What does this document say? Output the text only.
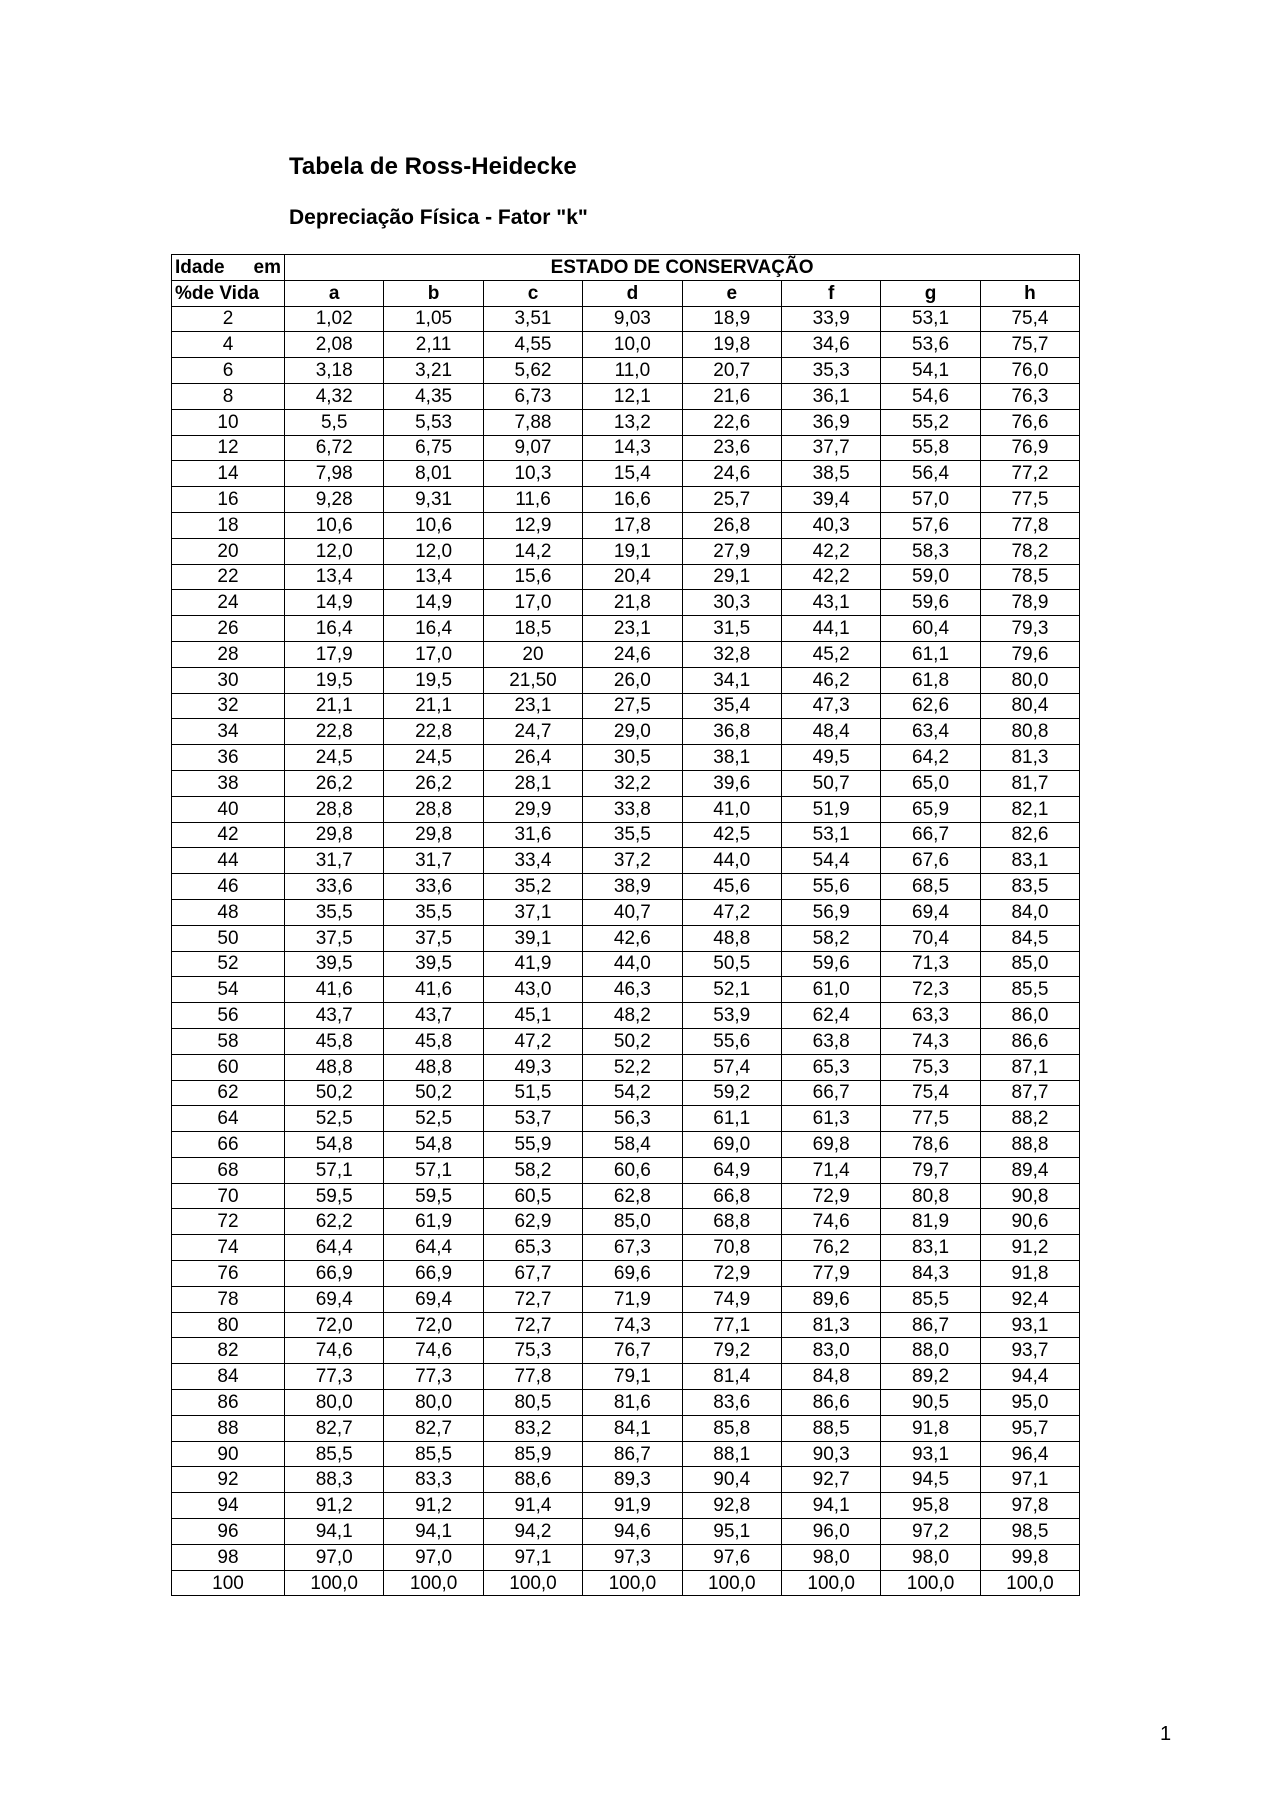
Tabela de Ross-Heidecke
Depreciação Física - Fator "k"
Idade em	ESTADO DE CONSERVAÇÃO							
%de Vida	a	b	c	d	e	f	g	h
2	1,02	1,05	3,51	9,03	18,9	33,9	53,1	75,4
4	2,08	2,11	4,55	10,0	19,8	34,6	53,6	75,7
6	3,18	3,21	5,62	11,0	20,7	35,3	54,1	76,0
8	4,32	4,35	6,73	12,1	21,6	36,1	54,6	76,3
10	5,5	5,53	7,88	13,2	22,6	36,9	55,2	76,6
12	6,72	6,75	9,07	14,3	23,6	37,7	55,8	76,9
14	7,98	8,01	10,3	15,4	24,6	38,5	56,4	77,2
16	9,28	9,31	11,6	16,6	25,7	39,4	57,0	77,5
18	10,6	10,6	12,9	17,8	26,8	40,3	57,6	77,8
20	12,0	12,0	14,2	19,1	27,9	42,2	58,3	78,2
22	13,4	13,4	15,6	20,4	29,1	42,2	59,0	78,5
24	14,9	14,9	17,0	21,8	30,3	43,1	59,6	78,9
26	16,4	16,4	18,5	23,1	31,5	44,1	60,4	79,3
28	17,9	17,0	20	24,6	32,8	45,2	61,1	79,6
30	19,5	19,5	21,50	26,0	34,1	46,2	61,8	80,0
32	21,1	21,1	23,1	27,5	35,4	47,3	62,6	80,4
34	22,8	22,8	24,7	29,0	36,8	48,4	63,4	80,8
36	24,5	24,5	26,4	30,5	38,1	49,5	64,2	81,3
38	26,2	26,2	28,1	32,2	39,6	50,7	65,0	81,7
40	28,8	28,8	29,9	33,8	41,0	51,9	65,9	82,1
42	29,8	29,8	31,6	35,5	42,5	53,1	66,7	82,6
44	31,7	31,7	33,4	37,2	44,0	54,4	67,6	83,1
46	33,6	33,6	35,2	38,9	45,6	55,6	68,5	83,5
48	35,5	35,5	37,1	40,7	47,2	56,9	69,4	84,0
50	37,5	37,5	39,1	42,6	48,8	58,2	70,4	84,5
52	39,5	39,5	41,9	44,0	50,5	59,6	71,3	85,0
54	41,6	41,6	43,0	46,3	52,1	61,0	72,3	85,5
56	43,7	43,7	45,1	48,2	53,9	62,4	63,3	86,0
58	45,8	45,8	47,2	50,2	55,6	63,8	74,3	86,6
60	48,8	48,8	49,3	52,2	57,4	65,3	75,3	87,1
62	50,2	50,2	51,5	54,2	59,2	66,7	75,4	87,7
64	52,5	52,5	53,7	56,3	61,1	61,3	77,5	88,2
66	54,8	54,8	55,9	58,4	69,0	69,8	78,6	88,8
68	57,1	57,1	58,2	60,6	64,9	71,4	79,7	89,4
70	59,5	59,5	60,5	62,8	66,8	72,9	80,8	90,8
72	62,2	61,9	62,9	85,0	68,8	74,6	81,9	90,6
74	64,4	64,4	65,3	67,3	70,8	76,2	83,1	91,2
76	66,9	66,9	67,7	69,6	72,9	77,9	84,3	91,8
78	69,4	69,4	72,7	71,9	74,9	89,6	85,5	92,4
80	72,0	72,0	72,7	74,3	77,1	81,3	86,7	93,1
82	74,6	74,6	75,3	76,7	79,2	83,0	88,0	93,7
84	77,3	77,3	77,8	79,1	81,4	84,8	89,2	94,4
86	80,0	80,0	80,5	81,6	83,6	86,6	90,5	95,0
88	82,7	82,7	83,2	84,1	85,8	88,5	91,8	95,7
90	85,5	85,5	85,9	86,7	88,1	90,3	93,1	96,4
92	88,3	83,3	88,6	89,3	90,4	92,7	94,5	97,1
94	91,2	91,2	91,4	91,9	92,8	94,1	95,8	97,8
96	94,1	94,1	94,2	94,6	95,1	96,0	97,2	98,5
98	97,0	97,0	97,1	97,3	97,6	98,0	98,0	99,8
100	100,0	100,0	100,0	100,0	100,0	100,0	100,0	100,0
1
